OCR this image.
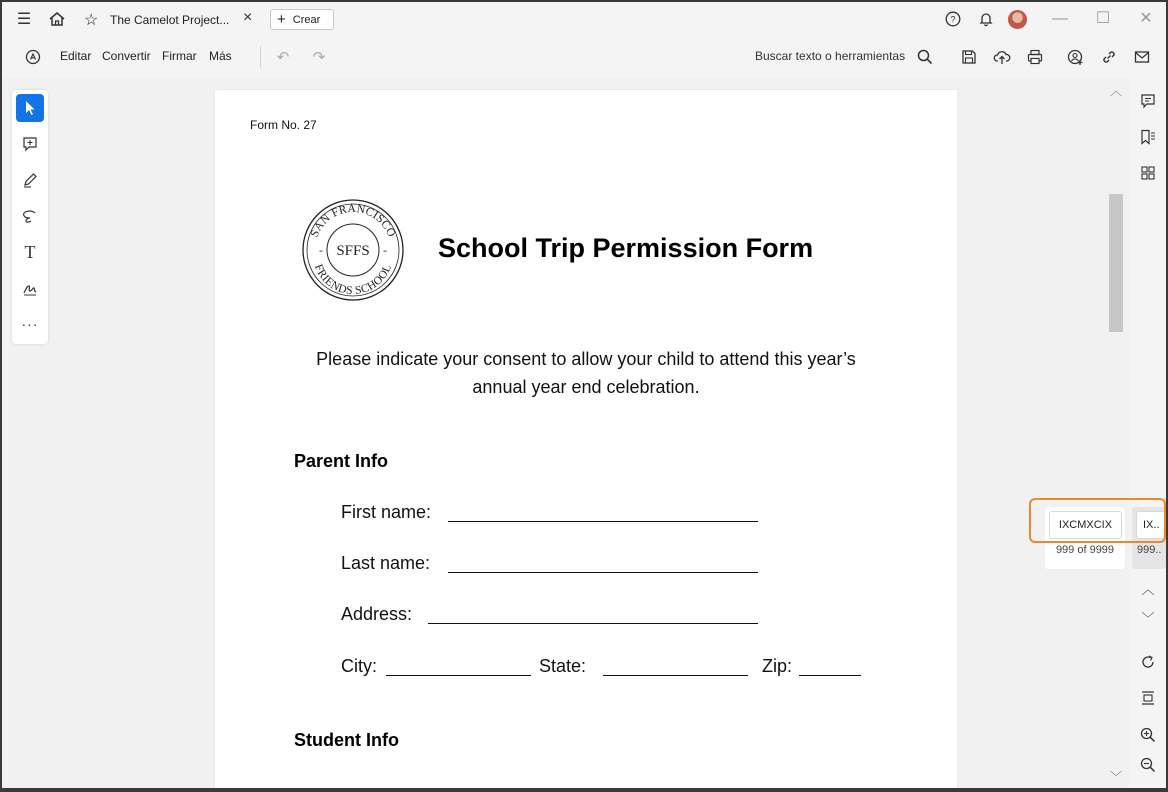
☰	☆ The Camelot Project... × + Crear	?	—	☐	✕
Editar Convertir Firmar Más	↶	↷	Buscar texto o herramientas
Form No. 27
SAN FRANCISCO
FRIENDS SCHOOL
SFFS
-	- School Trip Permission Form
Please indicate your consent to allow your child to attend this year’s
annual year end celebration.
Parent Info
First name:
Last name:
Address:
City:	State:	Zip:
Student Info
T
···
︿
﹀
︿
﹀
IXCMXCIX
999 of 9999
IX..
999..
